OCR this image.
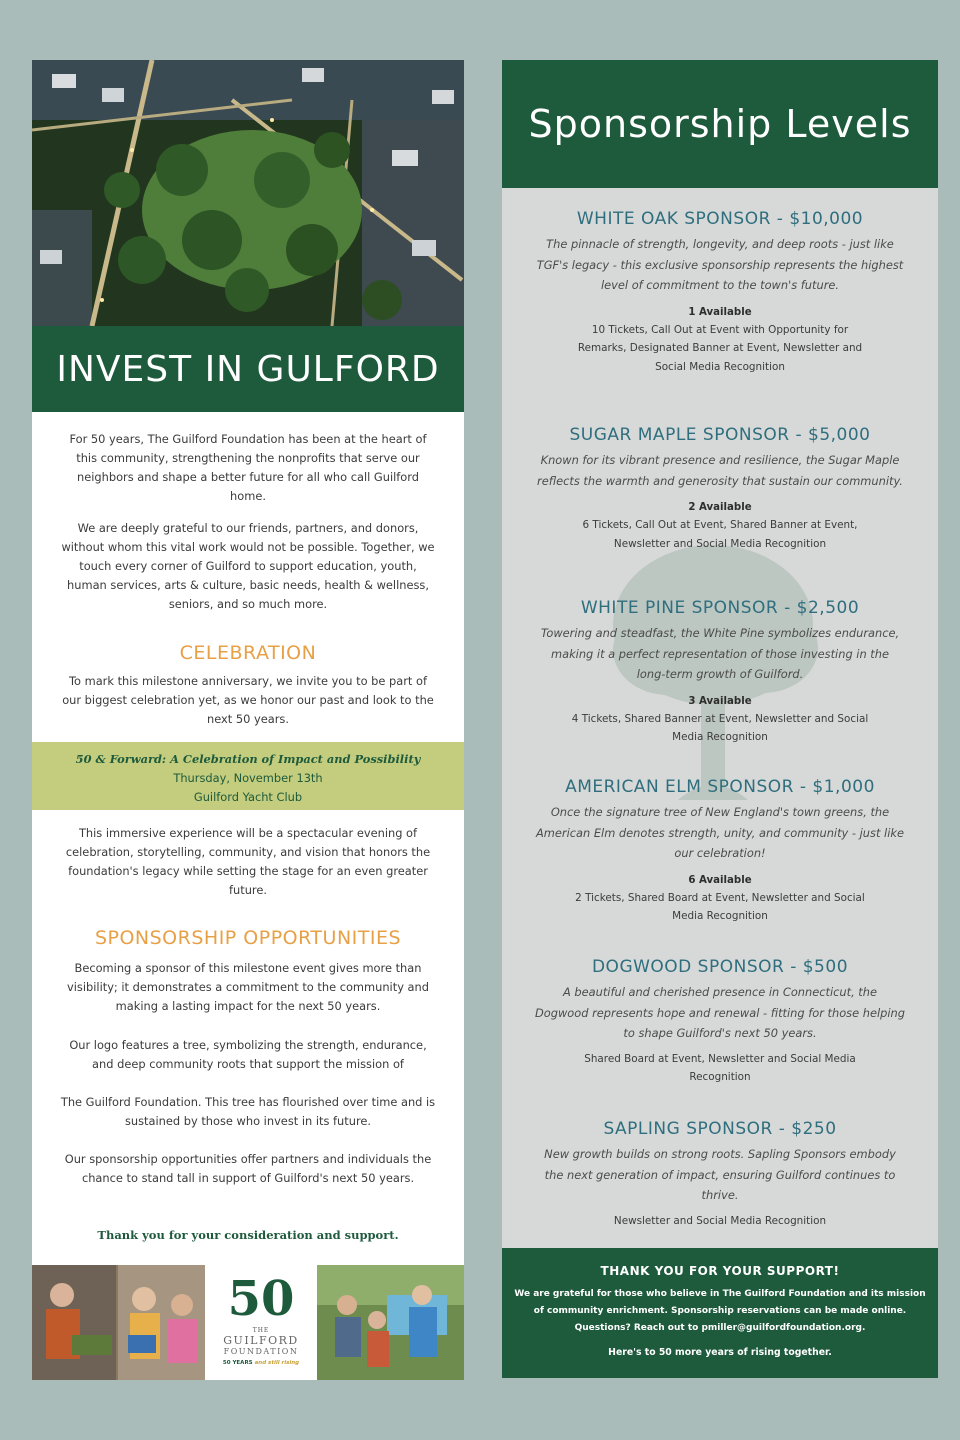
INVEST IN GULFORD
For 50 years, The Guilford Foundation has been at the heart of this community, strengthening the nonprofits that serve our neighbors and shape a better future for all who call Guilford home.
We are deeply grateful to our friends, partners, and donors, without whom this vital work would not be possible. Together, we touch every corner of Guilford to support education, youth, human services, arts & culture, basic needs, health & wellness, seniors, and so much more.
CELEBRATION
To mark this milestone anniversary, we invite you to be part of our biggest celebration yet, as we honor our past and look to the next 50 years.
50 & Forward: A Celebration of Impact and Possibility
Thursday, November 13th
Guilford Yacht Club
This immersive experience will be a spectacular evening of celebration, storytelling, community, and vision that honors the foundation's legacy while setting the stage for an even greater future.
SPONSORSHIP OPPORTUNITIES
Becoming a sponsor of this milestone event gives more than visibility; it demonstrates a commitment to the community and making a lasting impact for the next 50 years.
Our logo features a tree, symbolizing the strength, endurance, and deep community roots that support the mission of
The Guilford Foundation. This tree has flourished over time and is sustained by those who invest in its future.
Our sponsorship opportunities offer partners and individuals the chance to stand tall in support of Guilford's next 50 years.
Thank you for your consideration and support.
50
THE
GUILFORD
FOUNDATION
50 YEARS and still rising
Sponsorship Levels
WHITE OAK SPONSOR - $10,000
The pinnacle of strength, longevity, and deep roots - just like TGF's legacy - this exclusive sponsorship represents the highest level of commitment to the town's future.
1 Available
10 Tickets, Call Out at Event with Opportunity for Remarks, Designated Banner at Event, Newsletter and Social Media Recognition
SUGAR MAPLE SPONSOR - $5,000
Known for its vibrant presence and resilience, the Sugar Maple reflects the warmth and generosity that sustain our community.
2 Available
6 Tickets, Call Out at Event, Shared Banner at Event, Newsletter and Social Media Recognition
WHITE PINE SPONSOR - $2,500
Towering and steadfast, the White Pine symbolizes endurance, making it a perfect representation of those investing in the long-term growth of Guilford.
3 Available
4 Tickets, Shared Banner at Event, Newsletter and Social Media Recognition
AMERICAN ELM SPONSOR - $1,000
Once the signature tree of New England's town greens, the American Elm denotes strength, unity, and community - just like our celebration!
6 Available
2 Tickets, Shared Board at Event, Newsletter and Social Media Recognition
DOGWOOD SPONSOR - $500
A beautiful and cherished presence in Connecticut, the Dogwood represents hope and renewal - fitting for those helping to shape Guilford's next 50 years.
Shared Board at Event, Newsletter and Social Media Recognition
SAPLING SPONSOR - $250
New growth builds on strong roots. Sapling Sponsors embody the next generation of impact, ensuring Guilford continues to thrive.
Newsletter and Social Media Recognition
THANK YOU FOR YOUR SUPPORT!
We are grateful for those who believe in The Guilford Foundation and its mission of community enrichment. Sponsorship reservations can be made online. Questions? Reach out to pmiller@guilfordfoundation.org.
Here's to 50 more years of rising together.
